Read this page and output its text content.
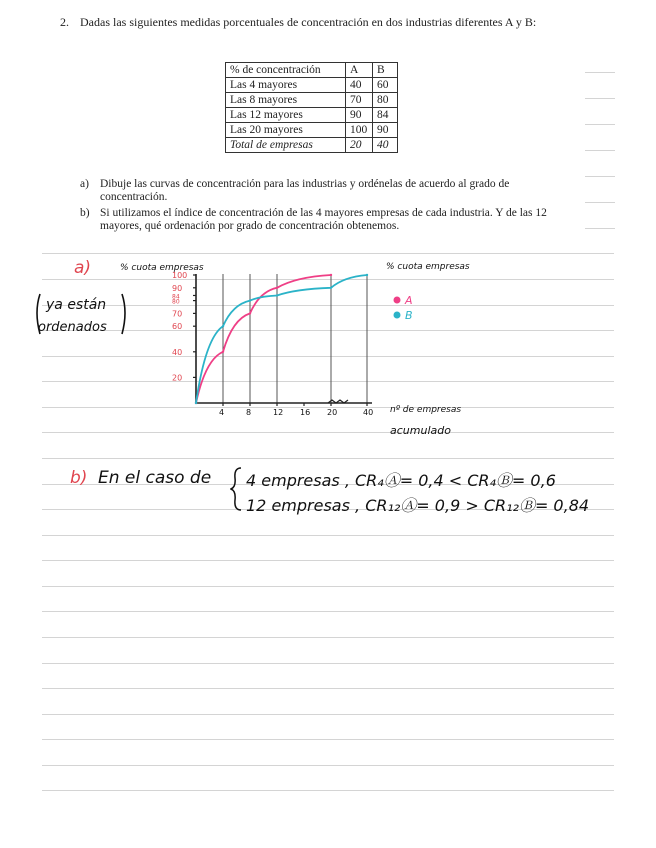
2. Dadas las siguientes medidas porcentuales de concentración en dos industrias diferentes A y B:
% de concentración	A	B
Las 4 mayores	40	60
Las 8 mayores	70	80
Las 12 mayores	90	84
Las 20 mayores	100	90
Total de empresas	20	40
a) Dibuje las curvas de concentración para las industrias y ordénelas de acuerdo al grado de concentración.
b) Si utilizamos el índice de concentración de las 4 mayores empresas de cada industria. Y de las 12 mayores, qué ordenación por grado de concentración obtenemos.
a)
ya están
ordenados
100
90
84
80
70
60
40
20
4	8	12 16 20	40
% cuota empresas	% cuota empresas
nº de empresas
acumulado
A
B
b) En el caso de 4 empresas , CR₄Ⓐ= 0,4 < CR₄Ⓑ= 0,6
12 empresas , CR₁₂Ⓐ= 0,9 > CR₁₂Ⓑ= 0,84
